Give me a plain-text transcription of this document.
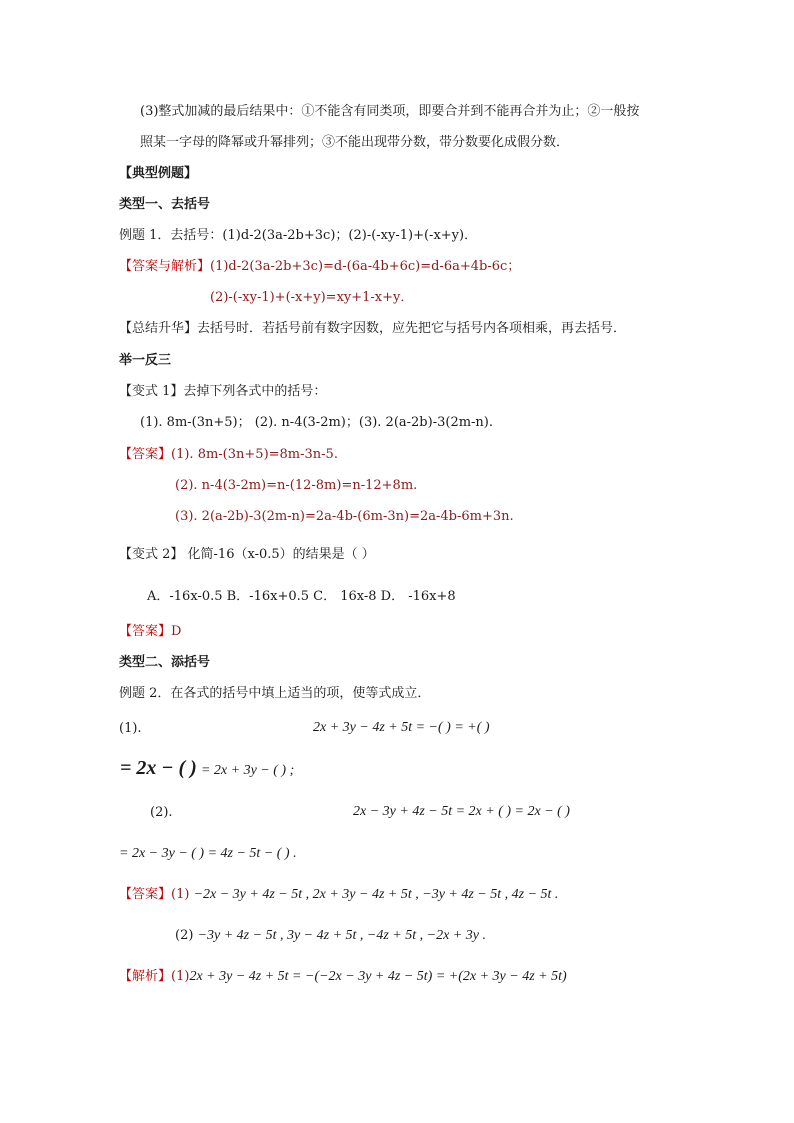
(3)整式加减的最后结果中：①不能含有同类项，即要合并到不能再合并为止；②一般按
照某一字母的降幂或升幂排列；③不能出现带分数，带分数要化成假分数．
【典型例题】
类型一、去括号
例题 1．去括号：(1)d-2(3a-2b+3c)；(2)-(-xy-1)+(-x+y)．
【答案与解析】(1)d-2(3a-2b+3c)=d-(6a-4b+6c)=d-6a+4b-6c；
(2)-(-xy-1)+(-x+y)=xy+1-x+y．
【总结升华】去括号时．若括号前有数字因数，应先把它与括号内各项相乘，再去括号．
举一反三
【变式 1】去掉下列各式中的括号：
(1). 8m-(3n+5)； (2). n-4(3-2m)；(3). 2(a-2b)-3(2m-n).
【答案】(1). 8m-(3n+5)=8m-3n-5.
(2). n-4(3-2m)=n-(12-8m)=n-12+8m.
(3). 2(a-2b)-3(2m-n)=2a-4b-(6m-3n)=2a-4b-6m+3n.
【变式 2】 化简-16（x-0.5）的结果是（ ）
A．-16x-0.5 B．-16x+0.5 C． 16x-8 D． -16x+8
【答案】D
类型二、添括号
例题 2．在各式的括号中填上适当的项，使等式成立．
(1).	2x + 3y − 4z + 5t = −( ) = +( )
= 2x − ( ) = 2x + 3y − ( ) ;
(2).	2x − 3y + 4z − 5t = 2x + ( ) = 2x − ( )
= 2x − 3y − ( ) = 4z − 5t − ( ) .
【答案】(1) −2x − 3y + 4z − 5t , 2x + 3y − 4z + 5t , −3y + 4z − 5t , 4z − 5t .
(2) −3y + 4z − 5t , 3y − 4z + 5t , −4z + 5t , −2x + 3y .
【解析】(1)2x + 3y − 4z + 5t = −(−2x − 3y + 4z − 5t) = +(2x + 3y − 4z + 5t)
